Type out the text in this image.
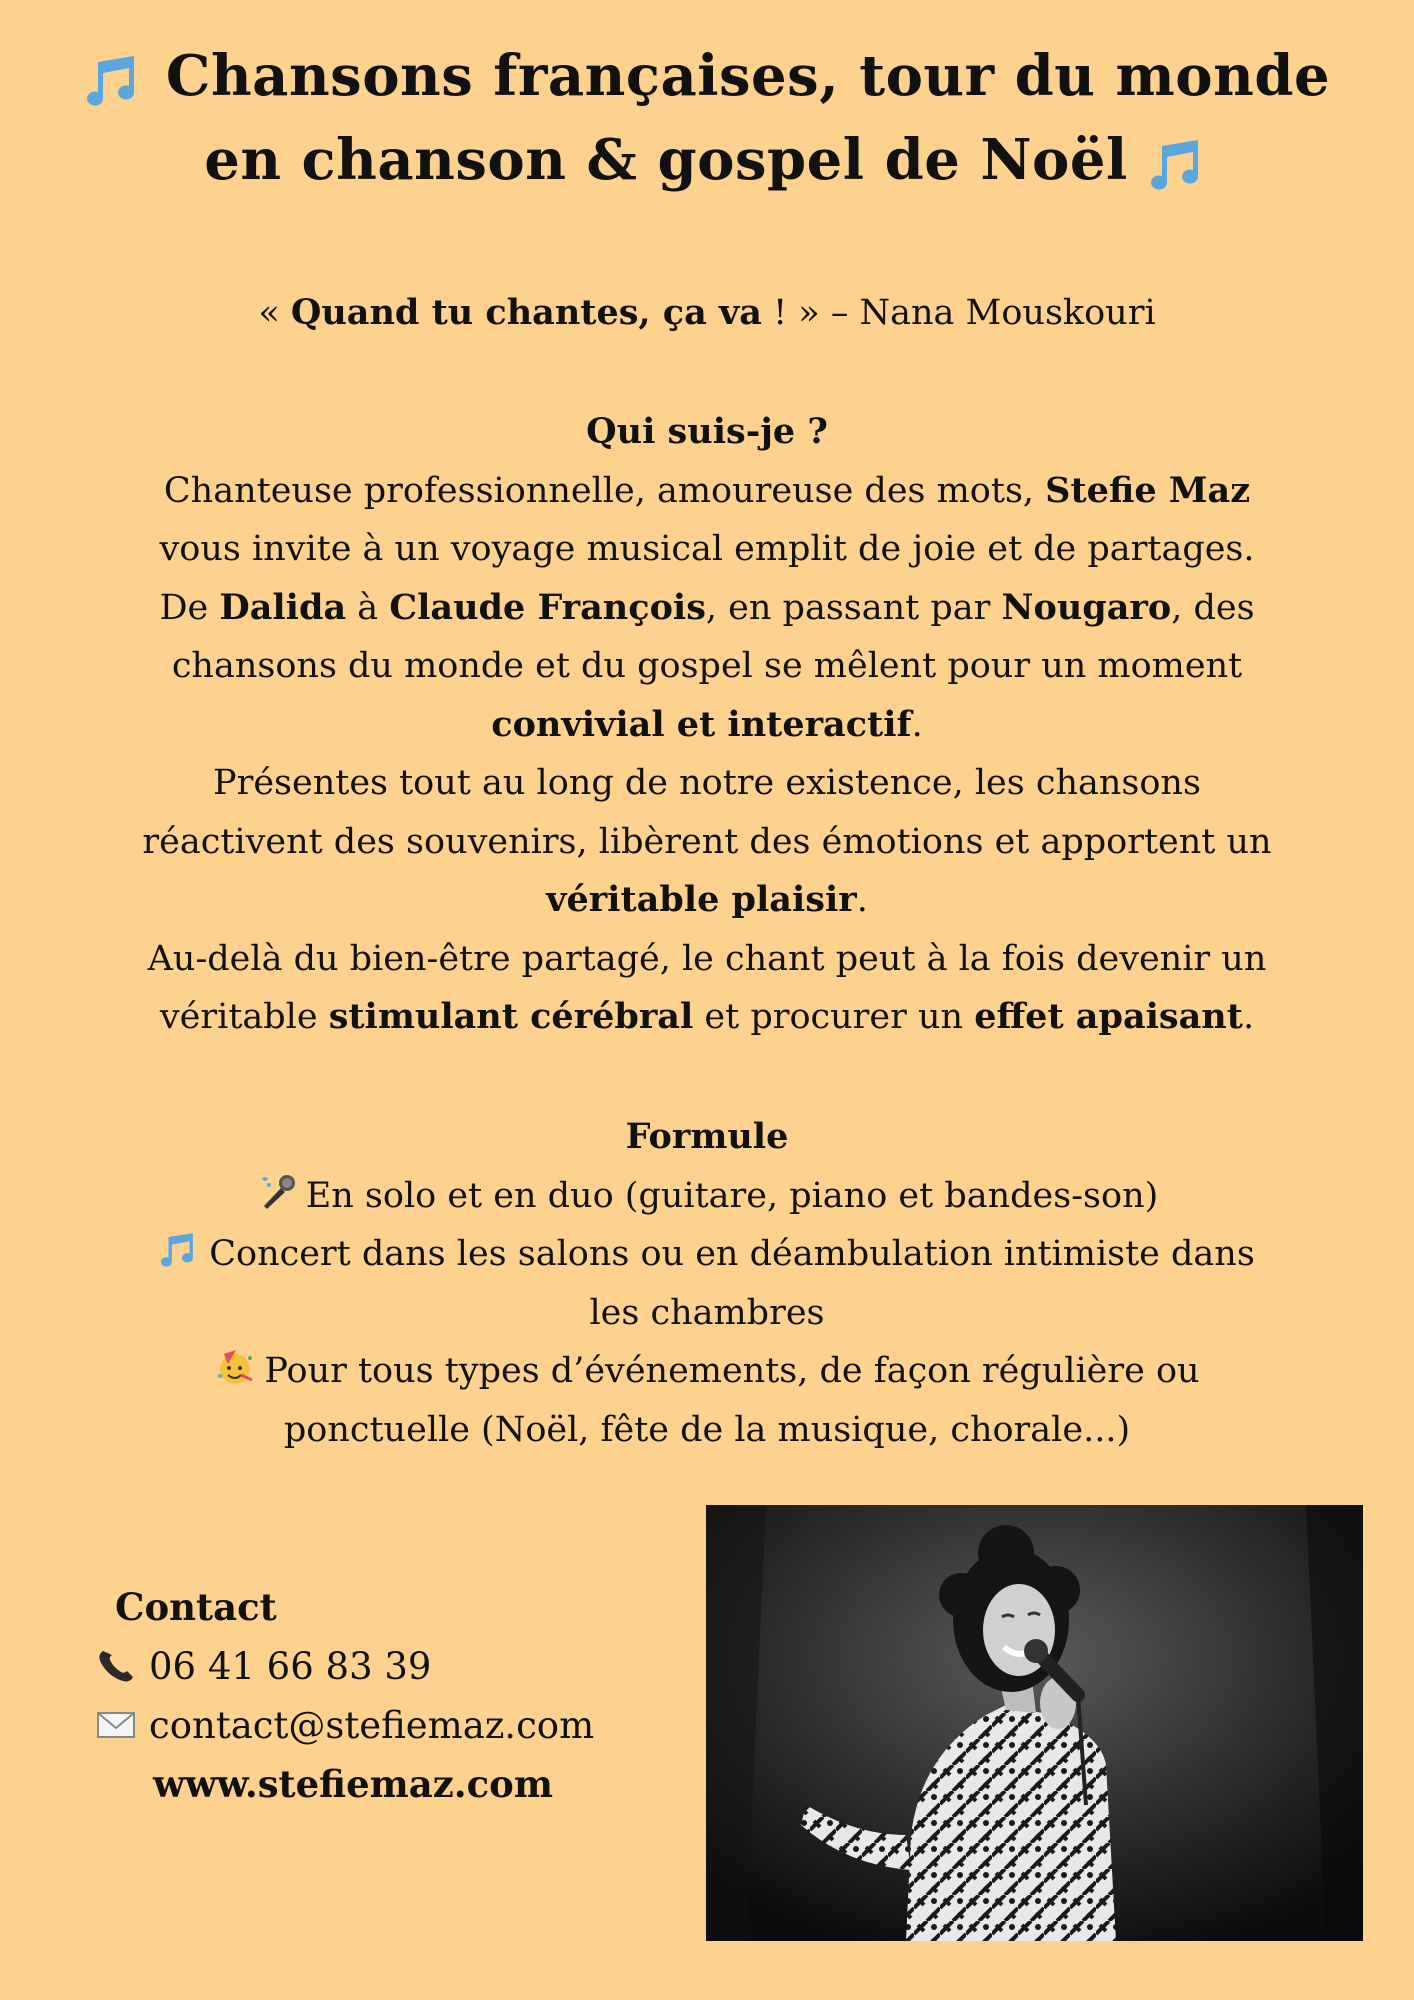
Chansons françaises, tour du monde
en chanson & gospel de Noël
« Quand tu chantes, ça va ! » – Nana Mouskouri
Qui suis-je ?
Chanteuse professionnelle, amoureuse des mots, Stefie Maz
vous invite à un voyage musical emplit de joie et de partages.
De Dalida à Claude François, en passant par Nougaro, des
chansons du monde et du gospel se mêlent pour un moment
convivial et interactif.
Présentes tout au long de notre existence, les chansons
réactivent des souvenirs, libèrent des émotions et apportent un
véritable plaisir.
Au-delà du bien-être partagé, le chant peut à la fois devenir un
véritable stimulant cérébral et procurer un effet apaisant.
Formule
En solo et en duo (guitare, piano et bandes-son)
Concert dans les salons ou en déambulation intimiste dans
les chambres
Pour tous types d’événements, de façon régulière ou
ponctuelle (Noël, fête de la musique, chorale...)
Contact
06 41 66 83 39
contact@stefiemaz.com
www.stefiemaz.com
